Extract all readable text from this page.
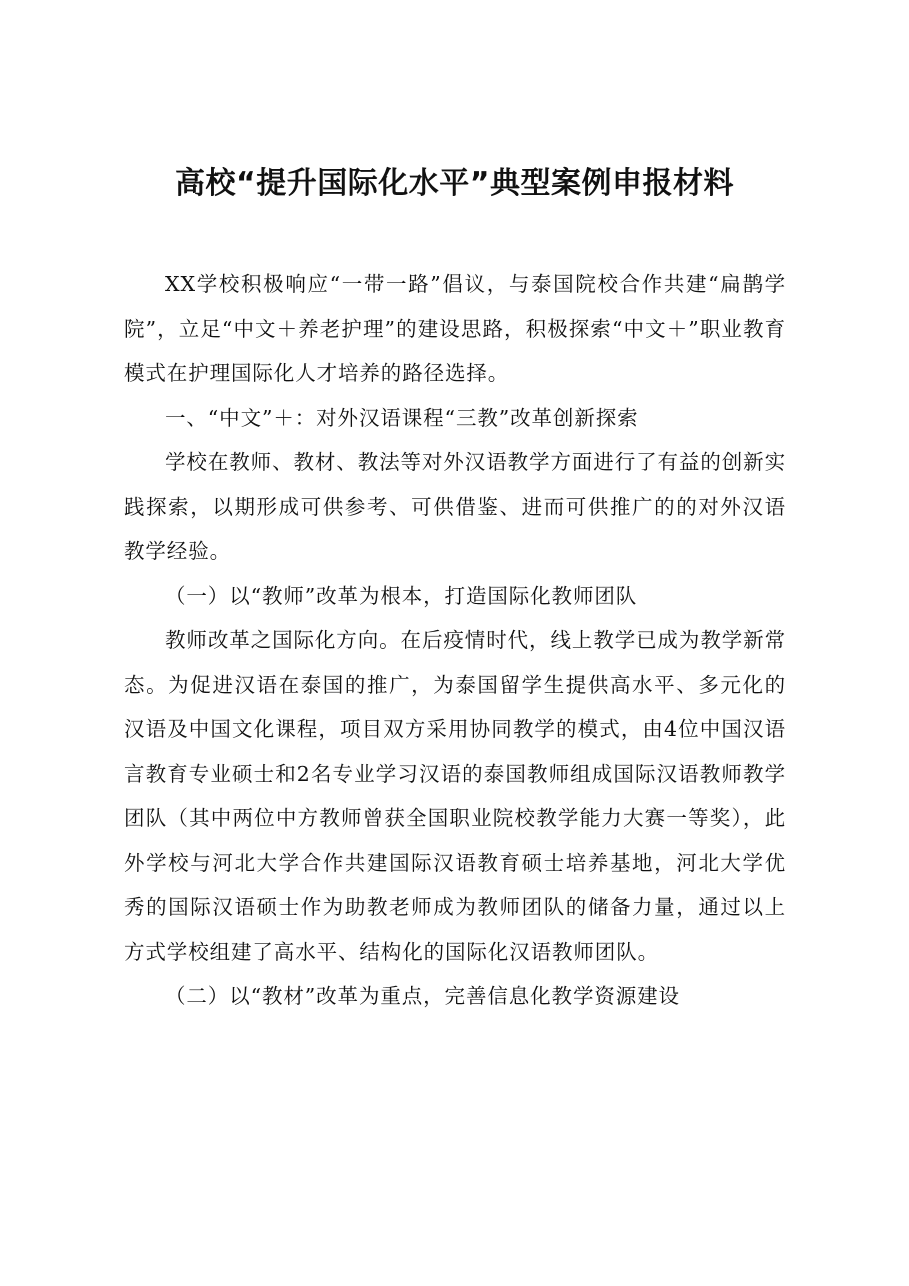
高校“提升国际化水平”典型案例申报材料

XX学校积极响应“一带一路”倡议，与泰国院校合作共建“扁鹊学院”，立足“中文＋养老护理”的建设思路，积极探索“中文＋”职业教育模式在护理国际化人才培养的路径选择。

一、“中文”＋：对外汉语课程“三教”改革创新探索

学校在教师、教材、教法等对外汉语教学方面进行了有益的创新实践探索，以期形成可供参考、可供借鉴、进而可供推广的的对外汉语教学经验。

（一）以“教师”改革为根本，打造国际化教师团队

教师改革之国际化方向。在后疫情时代，线上教学已成为教学新常态。为促进汉语在泰国的推广，为泰国留学生提供高水平、多元化的汉语及中国文化课程，项目双方采用协同教学的模式，由4位中国汉语言教育专业硕士和2名专业学习汉语的泰国教师组成国际汉语教师教学团队（其中两位中方教师曾获全国职业院校教学能力大赛一等奖），此外学校与河北大学合作共建国际汉语教育硕士培养基地，河北大学优秀的国际汉语硕士作为助教老师成为教师团队的储备力量，通过以上方式学校组建了高水平、结构化的国际化汉语教师团队。

（二）以“教材”改革为重点，完善信息化教学资源建设
